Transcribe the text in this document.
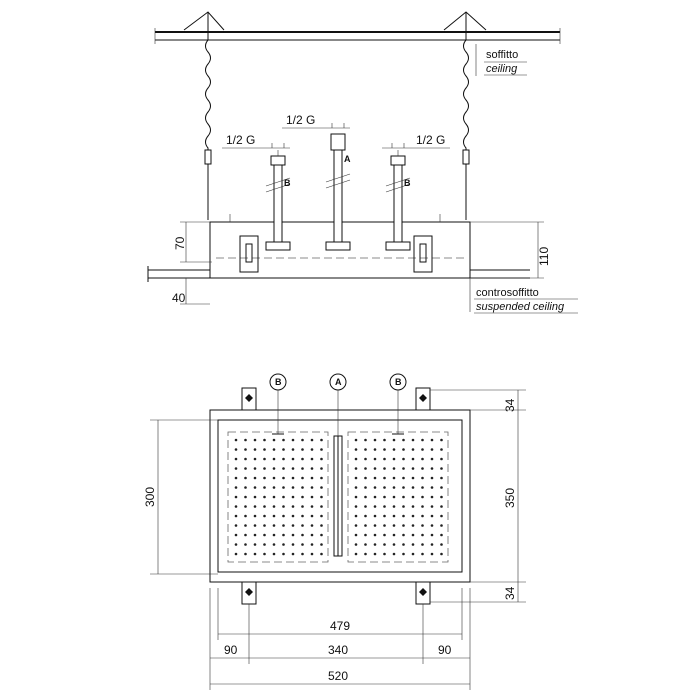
soffitto
ceiling
B
A
B
1/2 G
1/2 G
1/2 G
70
40
110
controsoffitto
suspended ceiling
B	A	B
300
34
350
34
479
90	340	90
520
